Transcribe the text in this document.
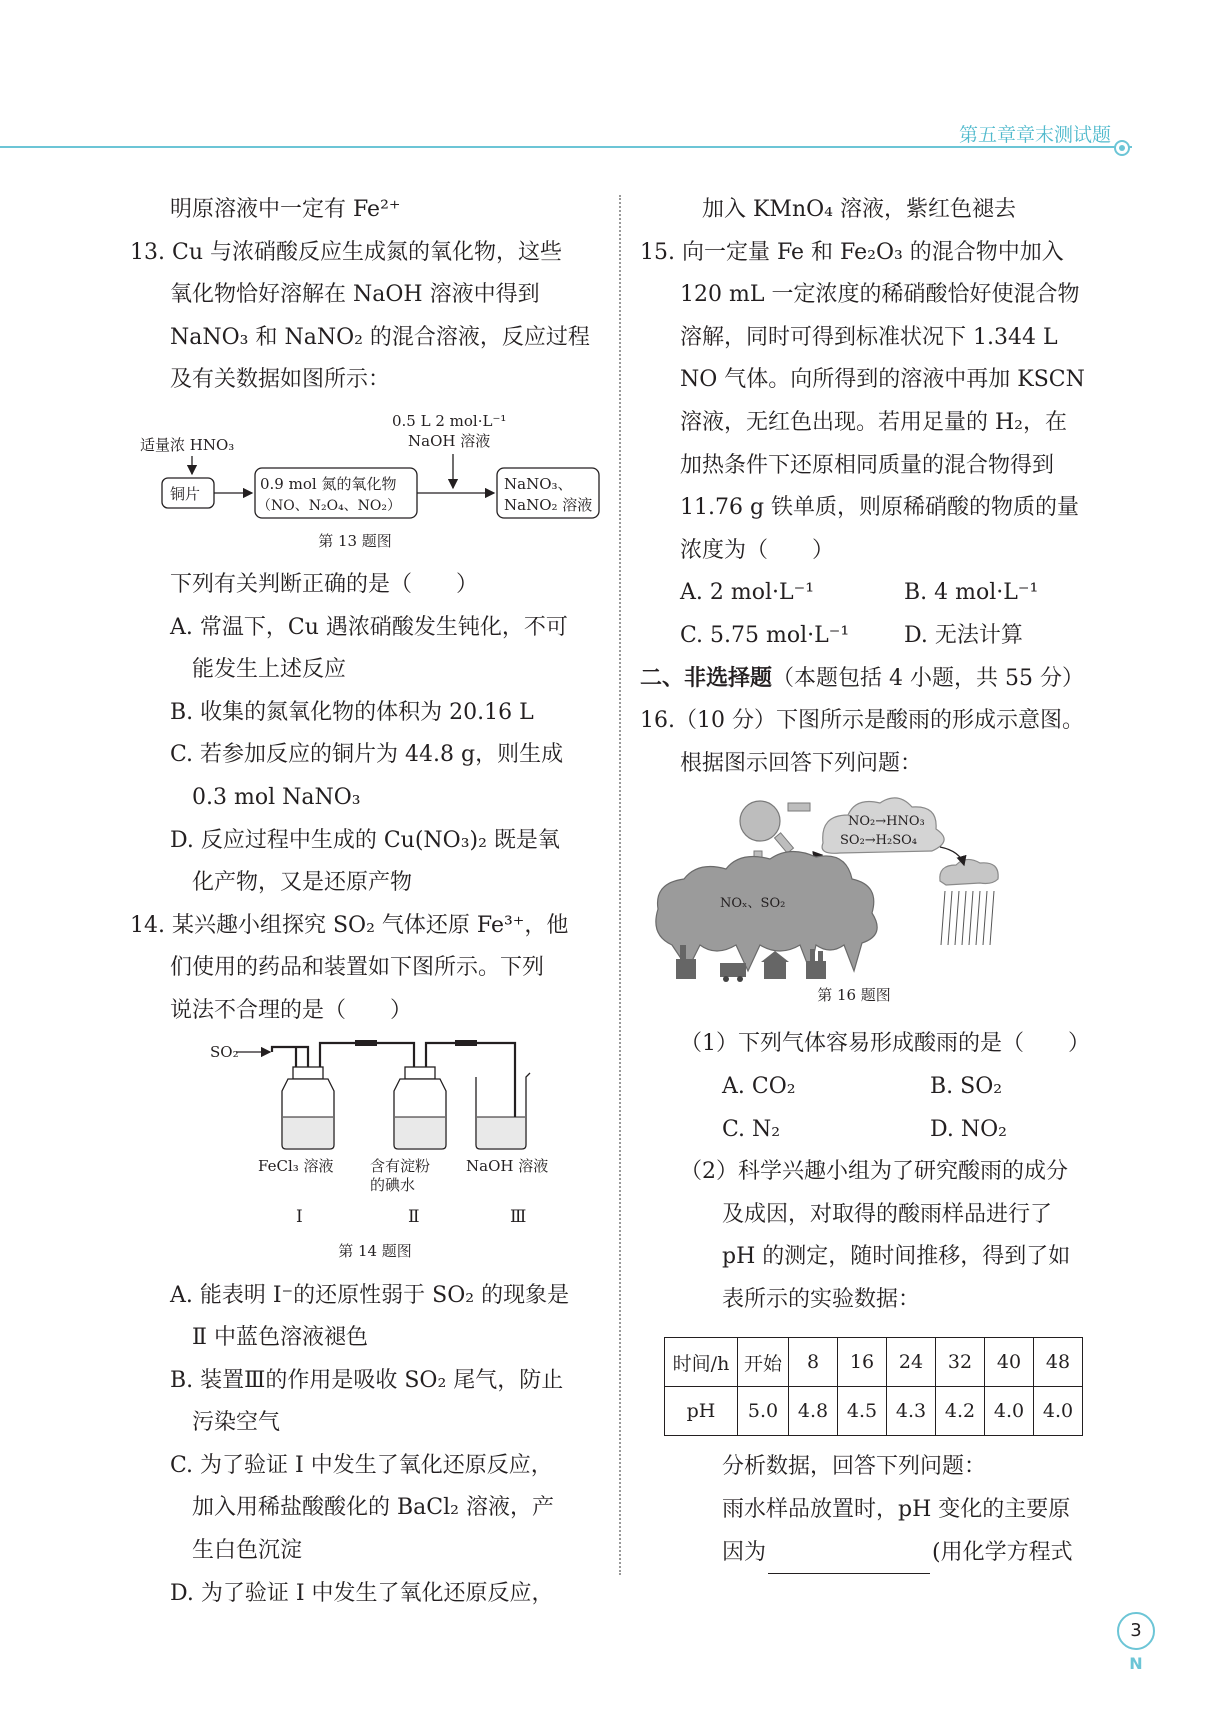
第五章章末测试题
明原溶液中一定有 Fe²⁺
13. Cu 与浓硝酸反应生成氮的氧化物，这些
氧化物恰好溶解在 NaOH 溶液中得到
NaNO₃ 和 NaNO₂ 的混合溶液，反应过程
及有关数据如图所示：
0.5 L 2 mol·L⁻¹
NaOH 溶液
适量浓 HNO₃
铜片
0.9 mol 氮的氧化物
（NO、N₂O₄、NO₂）
NaNO₃、
NaNO₂ 溶液
第 13 题图
下列有关判断正确的是（　　）
A. 常温下，Cu 遇浓硝酸发生钝化，不可
能发生上述反应
B. 收集的氮氧化物的体积为 20.16 L
C. 若参加反应的铜片为 44.8 g，则生成
0.3 mol NaNO₃
D. 反应过程中生成的 Cu(NO₃)₂ 既是氧
化产物，又是还原产物
14. 某兴趣小组探究 SO₂ 气体还原 Fe³⁺，他
们使用的药品和装置如下图所示。下列
说法不合理的是（　　）
SO₂
FeCl₃ 溶液 含有淀粉
的碘水
NaOH 溶液
Ⅰ	Ⅱ	Ⅲ
第 14 题图
A. 能表明 I⁻的还原性弱于 SO₂ 的现象是
Ⅱ 中蓝色溶液褪色
B. 装置Ⅲ的作用是吸收 SO₂ 尾气，防止
污染空气
C. 为了验证 Ⅰ 中发生了氧化还原反应，
加入用稀盐酸酸化的 BaCl₂ 溶液，产
生白色沉淀
D. 为了验证 Ⅰ 中发生了氧化还原反应，
加入 KMnO₄ 溶液，紫红色褪去
15. 向一定量 Fe 和 Fe₂O₃ 的混合物中加入
120 mL 一定浓度的稀硝酸恰好使混合物
溶解，同时可得到标准状况下 1.344 L
NO 气体。向所得到的溶液中再加 KSCN
溶液，无红色出现。若用足量的 H₂，在
加热条件下还原相同质量的混合物得到
11.76 g 铁单质，则原稀硝酸的物质的量
浓度为（　　）
A. 2 mol·L⁻¹	B. 4 mol·L⁻¹
C. 5.75 mol·L⁻¹ D. 无法计算
二、非选择题（本题包括 4 小题，共 55 分）
16.（10 分）下图所示是酸雨的形成示意图。
根据图示回答下列问题：
NO₂→HNO₃
SO₂→H₂SO₄
NOₓ、SO₂
第 16 题图
（1）下列气体容易形成酸雨的是（　　）
A. CO₂	B. SO₂
C. N₂	D. NO₂
（2）科学兴趣小组为了研究酸雨的成分
及成因，对取得的酸雨样品进行了
pH 的测定，随时间推移，得到了如
表所示的实验数据：
时间/h	开始	8	16	24	32	40	48
pH	5.0	4.8	4.5	4.3	4.2	4.0	4.0
分析数据，回答下列问题：
雨水样品放置时，pH 变化的主要原
因为	(用化学方程式
3
N
